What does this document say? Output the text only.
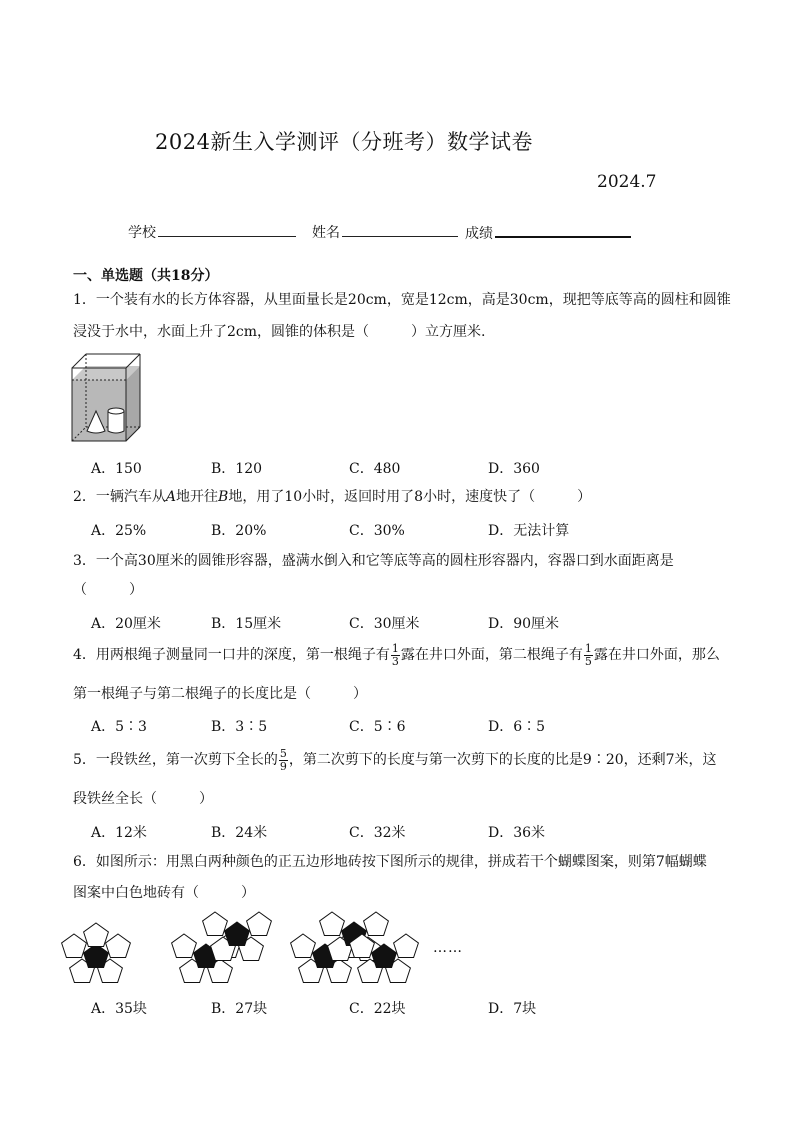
2024新生入学测评（分班考）数学试卷
2024.7
学校	姓名	成绩
一、单选题（共18分）
1．一个装有水的长方体容器，从里面量长是20cm，宽是12cm，高是30cm，现把等底等高的圆柱和圆锥
浸没于水中，水面上升了2cm，圆锥的体积是（　　　）立方厘米.
A．150	B．120	C．480	D．360
2．一辆汽车从A地开往B地，用了10小时，返回时用了8小时，速度快了（　　　）
A．25%	B．20%	C．30%	D．无法计算
3．一个高30厘米的圆锥形容器，盛满水倒入和它等底等高的圆柱形容器内，容器口到水面距离是
（　　　）
A．20厘米	B．15厘米	C．30厘米	D．90厘米
4．用两根绳子测量同一口井的深度，第一根绳子有 $\frac{1}{3}$ 露在井口外面，第二根绳子有 $\frac{1}{5}$ 露在井口外面，那么
第一根绳子与第二根绳子的长度比是（　　　）
A．5∶3	B．3∶5	C．5∶6	D．6∶5
5．一段铁丝，第一次剪下全长的 $\frac{5}{9}$ ，第二次剪下的长度与第一次剪下的长度的比是9∶20，还剩7米，这
段铁丝全长（　　　）
A．12米	B．24米	C．32米	D．36米
6．如图所示：用黑白两种颜色的正五边形地砖按下图所示的规律，拼成若干个蝴蝶图案，则第7幅蝴蝶
图案中白色地砖有（　　　）
……
A．35块	B．27块	C．22块	D．7块
